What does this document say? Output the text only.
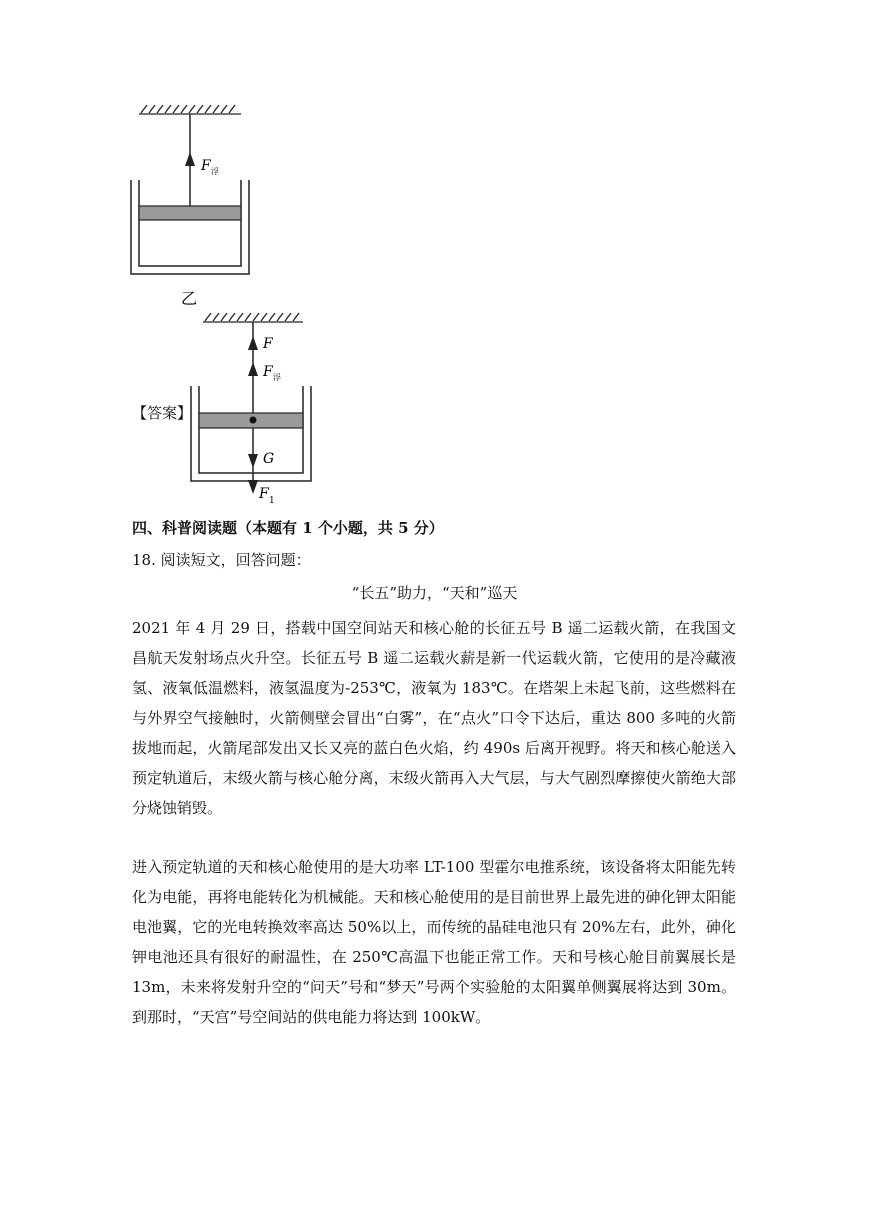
F 浮
乙
【答案】
F
F 浮
G
F 1
四、科普阅读题（本题有 1 个小题，共 5 分）
18. 阅读短文，回答问题：
“长五”助力，“天和”巡天

2021 年 4 月 29 日，搭载中国空间站天和核心舱的长征五号 B 遥二运载火箭，在我国文昌航天发射场点火升空。长征五号 B 遥二运载火薪是新一代运载火箭，它使用的是冷藏液氢、液氧低温燃料，液氢温度为-253℃，液氧为 183℃。在塔架上未起飞前，这些燃料在与外界空气接触时，火箭侧壁会冒出“白雾”，在“点火”口令下达后，重达 800 多吨的火箭拔地而起，火箭尾部发出又长又亮的蓝白色火焰，约 490s 后离开视野。将天和核心舱送入预定轨道后，末级火箭与核心舱分离，末级火箭再入大气层，与大气剧烈摩擦使火箭绝大部分烧蚀销毁。

进入预定轨道的天和核心舱使用的是大功率 LT-100 型霍尔电推系统，该设备将太阳能先转化为电能，再将电能转化为机械能。天和核心舱使用的是目前世界上最先进的砷化钾太阳能电池翼，它的光电转换效率高达 50%以上，而传统的晶硅电池只有 20%左右，此外，砷化钾电池还具有很好的耐温性，在 250℃高温下也能正常工作。天和号核心舱目前翼展长是 13m，未来将发射升空的“问天”号和“梦天”号两个实验舱的太阳翼单侧翼展将达到 30m。到那时，“天宫”号空间站的供电能力将达到 100kW。
